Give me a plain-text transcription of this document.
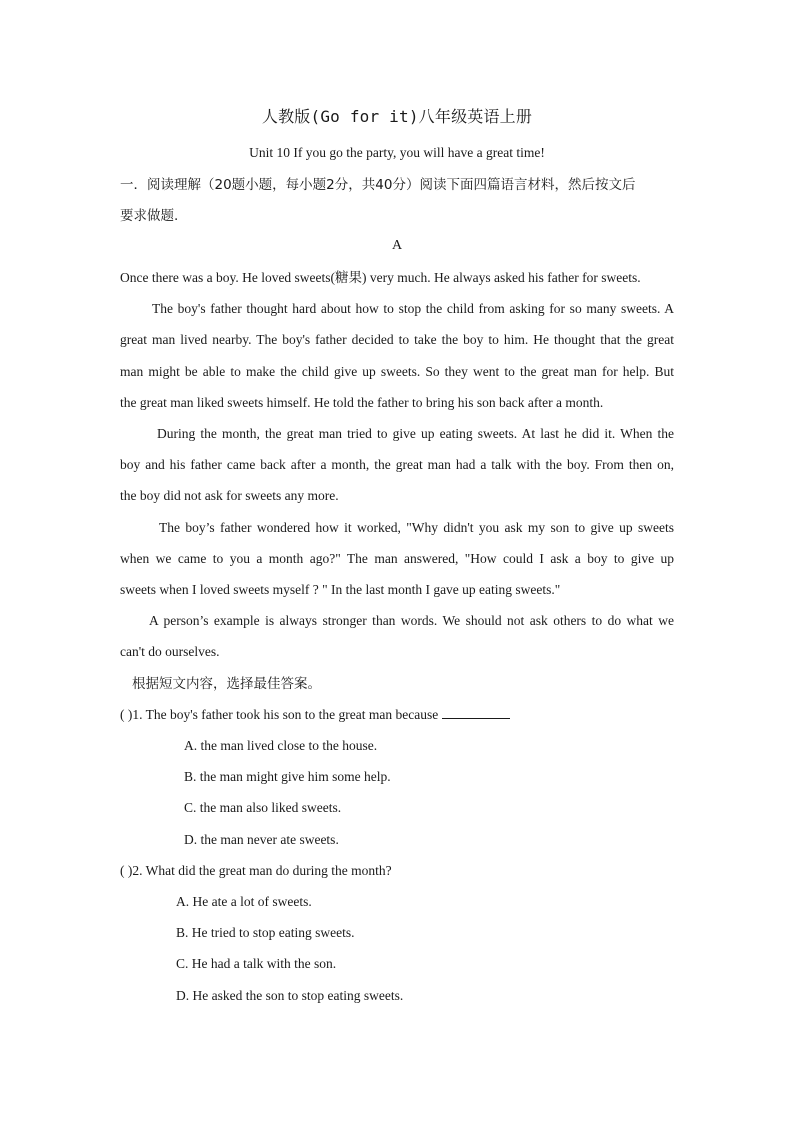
人教版(Go for it)八年级英语上册
Unit 10 If you go the party, you will have a great time!
一．阅读理解（20题小题，每小题2分，共40分）阅读下面四篇语言材料，然后按文后
要求做题.
A
Once there was a boy. He loved sweets(糖果) very much. He always asked his father for sweets.
The boy's father thought hard about how to stop the child from asking for so many sweets. A
great man lived nearby. The boy's father decided to take the boy to him. He thought that the great
man might be able to make the child give up sweets. So they went to the great man for help. But
the great man liked sweets himself. He told the father to bring his son back after a month.
During the month, the great man tried to give up eating sweets. At last he did it. When the
boy and his father came back after a month, the great man had a talk with the boy. From then on,
the boy did not ask for sweets any more.
The boy’s father wondered how it worked, "Why didn't you ask my son to give up sweets
when we came to you a month ago?" The man answered, "How could I ask a boy to give up
sweets when I loved sweets myself ? " In the last month I gave up eating sweets."
A person’s example is always stronger than words. We should not ask others to do what we
can't do ourselves.
根据短文内容，选择最佳答案。
( )1. The boy's father took his son to the great man because
A. the man lived close to the house.
B. the man might give him some help.
C. the man also liked sweets.
D. the man never ate sweets.
( )2. What did the great man do during the month?
A. He ate a lot of sweets.
B. He tried to stop eating sweets.
C. He had a talk with the son.
D. He asked the son to stop eating sweets.
